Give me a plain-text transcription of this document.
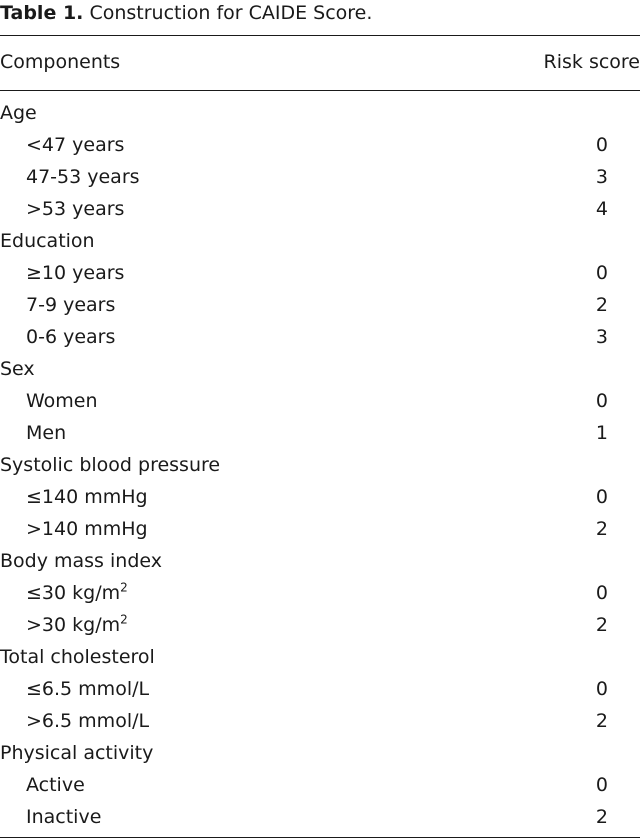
Table 1. Construction for CAIDE Score.
Components	Risk score
Age
<47 years	0
47-53 years	3
>53 years	4
Education
≥10 years	0
7-9 years	2
0-6 years	3
Sex
Women	0
Men	1
Systolic blood pressure
≤140 mmHg	0
>140 mmHg	2
Body mass index
≤30 $kg/m^2$	0
>30 $kg/m^2$	2
Total cholesterol
≤6.5 mmol/L	0
>6.5 mmol/L	2
Physical activity
Active	0
Inactive	2
